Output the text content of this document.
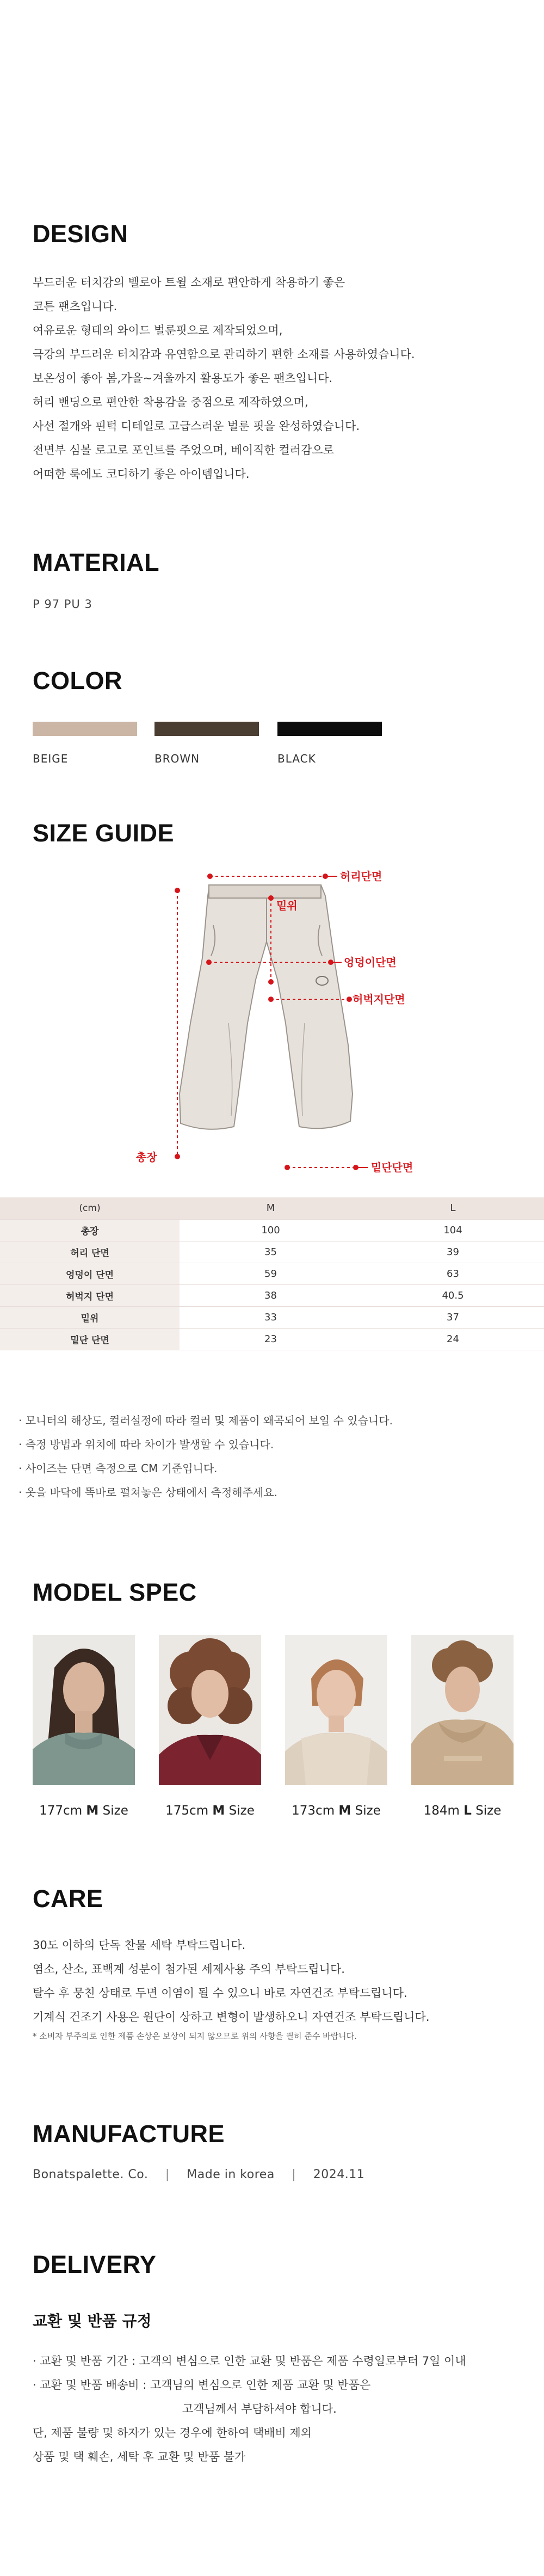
DESIGN
부드러운 터치감의 벨로아 트윌 소재로 편안하게 착용하기 좋은
코튼 팬츠입니다.
여유로운 형태의 와이드 벌룬핏으로 제작되었으며,
극강의 부드러운 터치감과 유연함으로 관리하기 편한 소재를 사용하였습니다.
보온성이 좋아 봄,가을~겨울까지 활용도가 좋은 팬츠입니다.
허리 밴딩으로 편안한 착용감을 중점으로 제작하였으며,
사선 절개와 핀턱 디테일로 고급스러운 벌룬 핏을 완성하였습니다.
전면부 심볼 로고로 포인트를 주었으며, 베이직한 컬러감으로
어떠한 룩에도 코디하기 좋은 아이템입니다.
MATERIAL
P 97 PU 3
COLOR
BEIGE	BROWN	BLACK
SIZE GUIDE
허리단면
밑위
엉덩이단면
허벅지단면
총장
밑단단면
(cm)	M	L
총장	100	104
허리 단면	35	39
엉덩이 단면	59	63
허벅지 단면	38	40.5
밑위	33	37
밑단 단면	23	24
· 모니터의 해상도, 컬러설정에 따라 컬러 및 제품이 왜곡되어 보일 수 있습니다.
· 측정 방법과 위치에 따라 차이가 발생할 수 있습니다.
· 사이즈는 단면 측정으로 CM 기준입니다.
· 옷을 바닥에 똑바로 펼쳐놓은 상태에서 측정해주세요.
MODEL SPEC
177cm M Size	175cm M Size	173cm M Size	184m L Size
CARE
30도 이하의 단독 찬물 세탁 부탁드립니다.
염소, 산소, 표백계 성분이 첨가된 세제사용 주의 부탁드립니다.
탈수 후 뭉친 상태로 두면 이염이 될 수 있으니 바로 자연건조 부탁드립니다.
기계식 건조기 사용은 원단이 상하고 변형이 발생하오니 자연건조 부탁드립니다.
* 소비자 부주의로 인한 제품 손상은 보상이 되지 않으므로 위의 사항을 필히 준수 바랍니다.
MANUFACTURE
Bonatspalette. Co. | Made in korea | 2024.11
DELIVERY
교환 및 반품 규정
· 교환 및 반품 기간 : 고객의 변심으로 인한 교환 및 반품은 제품 수령일로부터 7일 이내
· 교환 및 반품 배송비 : 고객님의 변심으로 인한 제품 교환 및 반품은
고객님께서 부담하셔야 합니다.
단, 제품 불량 및 하자가 있는 경우에 한하여 택배비 제외
상품 및 택 훼손, 세탁 후 교환 및 반품 불가
